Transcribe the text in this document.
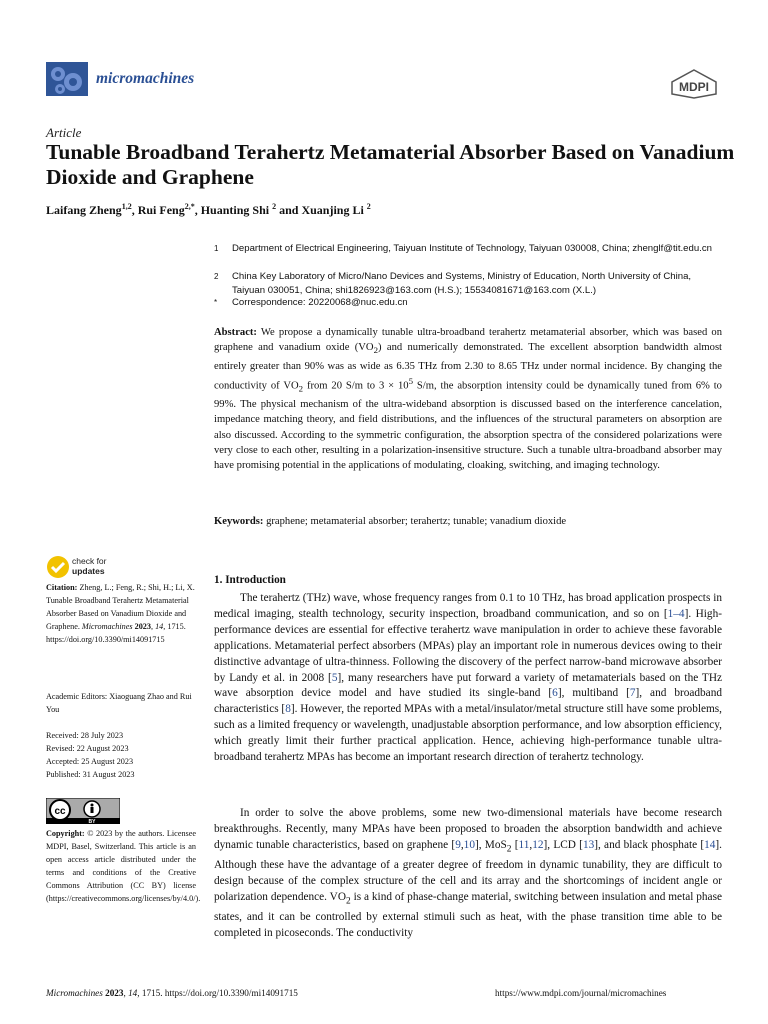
micromachines	MDPI
Article
Tunable Broadband Terahertz Metamaterial Absorber Based on Vanadium Dioxide and Graphene
Laifang Zheng$^{1,2}$, Rui Feng$^{2,*}$, Huanting Shi $^2$ and Xuanjing Li $^2$
1 Department of Electrical Engineering, Taiyuan Institute of Technology, Taiyuan 030008, China; zhenglf@tit.edu.cn
2 China Key Laboratory of Micro/Nano Devices and Systems, Ministry of Education, North University of China, Taiyuan 030051, China; shi1826923@163.com (H.S.); 15534081671@163.com (X.L.)
* Correspondence: 20220068@nuc.edu.cn
Abstract: We propose a dynamically tunable ultra-broadband terahertz metamaterial absorber, which was based on graphene and vanadium oxide $(VO_2)$ and numerically demonstrated. The excellent absorption bandwidth almost entirely greater than 90% was as wide as 6.35 THz from 2.30 to 8.65 THz under normal incidence. By changing the conductivity of $VO_2$ from 20 S/m to $3 \times 10^5$ S/m, the absorption intensity could be dynamically tuned from 6% to 99%. The physical mechanism of the ultra-wideband absorption is discussed based on the interference cancelation, impedance matching theory, and field distributions, and the influences of the structural parameters on absorption are also discussed. According to the symmetric configuration, the absorption spectra of the considered polarizations were very close to each other, resulting in a polarization-insensitive structure. Such a tunable ultra-broadband absorber may have promising potential in the applications of modulating, cloaking, switching, and imaging technology.
Keywords: graphene; metamaterial absorber; terahertz; tunable; vanadium dioxide
check for
updates
Citation: Zheng, L.; Feng, R.; Shi, H.; Li, X. Tunable Broadband Terahertz Metamaterial Absorber Based on Vanadium Dioxide and Graphene. Micromachines 2023, 14, 1715. https://doi.org/10.3390/mi14091715
Academic Editors: Xiaoguang Zhao and Rui You
Received: 28 July 2023
Revised: 22 August 2023
Accepted: 25 August 2023
Published: 31 August 2023
cc
BY
Copyright: © 2023 by the authors. Licensee MDPI, Basel, Switzerland. This article is an open access article distributed under the terms and conditions of the Creative Commons Attribution (CC BY) license (https://creativecommons.org/licenses/by/4.0/).
1. Introduction
The terahertz (THz) wave, whose frequency ranges from 0.1 to 10 THz, has broad application prospects in medical imaging, stealth technology, security inspection, broadband communication, and so on [1–4]. High-performance devices are essential for effective terahertz wave manipulation in order to achieve these favorable applications. Metamaterial perfect absorbers (MPAs) play an important role in numerous devices owing to their distinctive advantage of ultra-thinness. Following the discovery of the perfect narrow-band microwave absorber by Landy et al. in 2008 [5], many researchers have put forward a variety of metamaterials based on the THz wave absorption device model and have studied its single-band [6], multiband [7], and broadband characteristics [8]. However, the reported MPAs with a metal/insulator/metal structure still have some problems, such as a limited frequency or wavelength, unadjustable absorption performance, and low absorption efficiency, which greatly limit their further practical application. Hence, achieving high-performance tunable ultra-broadband terahertz MPAs has become an important research direction of terahertz technology.
In order to solve the above problems, some new two-dimensional materials have become research breakthroughs. Recently, many MPAs have been proposed to broaden the absorption bandwidth and achieve dynamic tunable characteristics, based on graphene [9,10], MoS$_2$ [11,12], LCD [13], and black phosphate [14]. Although these have the advantage of a greater degree of freedom in dynamic tunability, they are difficult to design because of the complex structure of the cell and its array and the shortcomings of incident angle or polarization dependence. $VO_2$ is a kind of phase-change material, switching between insulation and metal phase states, and it can be controlled by external stimuli such as heat, with the phase transition time able to be completed in picoseconds. The conductivity
Micromachines 2023, 14, 1715. https://doi.org/10.3390/mi14091715	https://www.mdpi.com/journal/micromachines
